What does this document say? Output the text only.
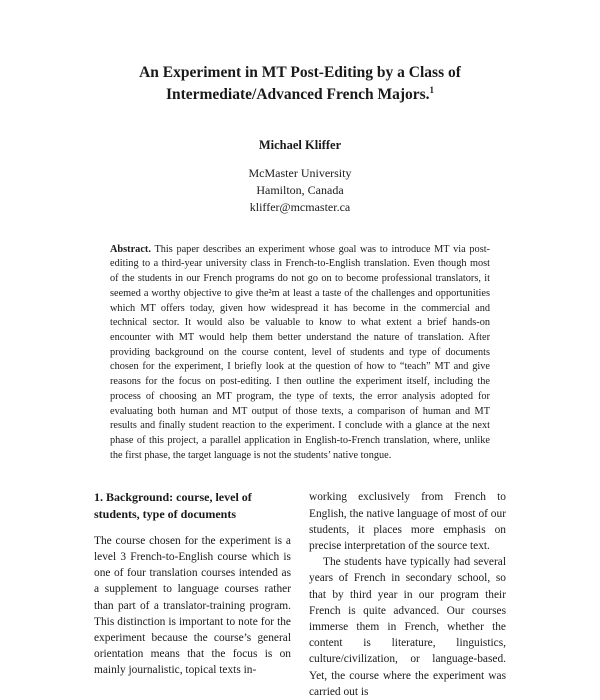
An Experiment in MT Post-Editing by a Class of
Intermediate/Advanced French Majors.$^1$
Michael Kliffer
McMaster University
Hamilton, Canada
kliffer@mcmaster.ca
Abstract. This paper describes an experiment whose goal was to introduce MT via post-editing to a third-year university class in French-to-English translation. Even though most of the students in our French programs do not go on to become professional translators, it seemed a worthy objective to give the²m at least a taste of the challenges and opportunities which MT offers today, given how widespread it has become in the commercial and technical sector. It would also be valuable to know to what extent a brief hands-on encounter with MT would help them better understand the nature of translation. After providing background on the course content, level of students and type of documents chosen for the experiment, I briefly look at the question of how to “teach” MT and give reasons for the focus on post-editing. I then outline the experiment itself, including the process of choosing an MT program, the type of texts, the error analysis adopted for evaluating both human and MT output of those texts, a comparison of human and MT results and finally student reaction to the experiment. I conclude with a glance at the next phase of this project, a parallel application in English-to-French translation, where, unlike the first phase, the target language is not the students’ native tongue.
1. Background: course, level of students, type of documents

The course chosen for the experiment is a level 3 French-to-English course which is one of four translation courses intended as a supplement to language courses rather than part of a translator-training program. This distinction is important to note for the experiment because the course’s general orientation means that the focus is on mainly journalistic, topical texts in-

working exclusively from French to English, the native language of most of our students, it places more emphasis on precise interpretation of the source text.

The students have typically had several years of French in secondary school, so that by third year in our program their French is quite advanced. Our courses immerse them in French, whether the content is literature, linguistics, culture/civilization, or language-based. Yet, the course where the experiment was carried out is
